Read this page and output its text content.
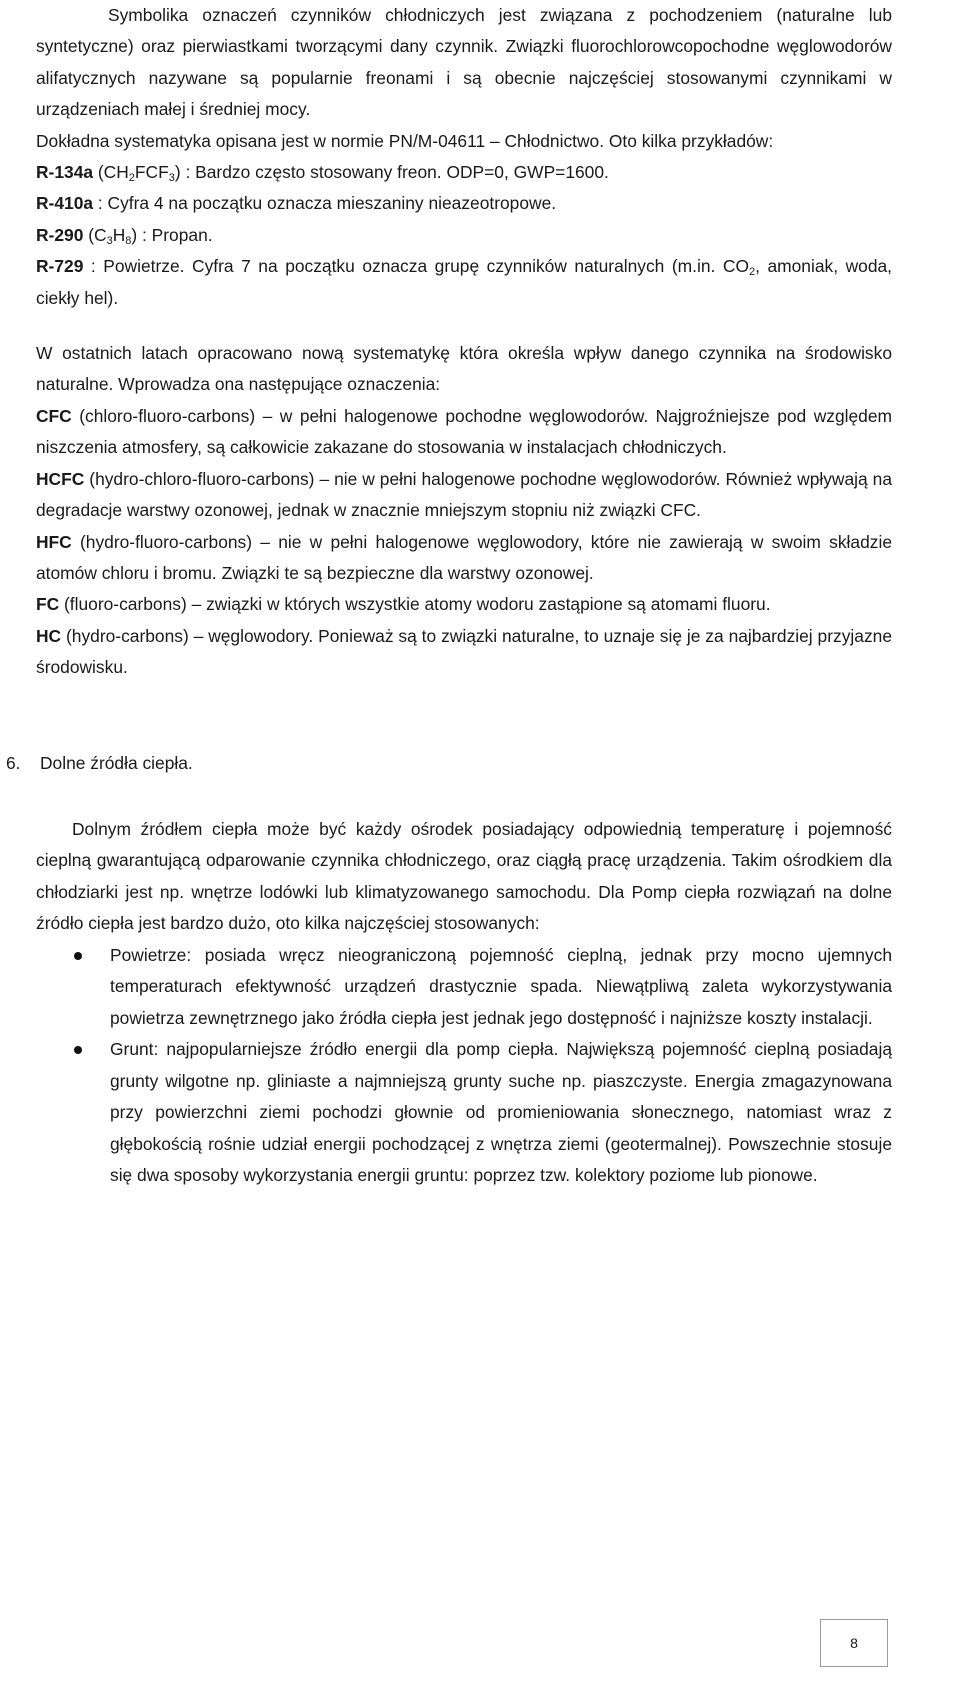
Symbolika oznaczeń czynników chłodniczych jest związana z pochodzeniem (naturalne lub syntetyczne) oraz pierwiastkami tworzącymi dany czynnik. Związki fluorochlorowcopochodne węglowodorów alifatycznych nazywane są popularnie freonami i są obecnie najczęściej stosowanymi czynnikami w urządzeniach małej i średniej mocy.

Dokładna systematyka opisana jest w normie PN/M-04611 – Chłodnictwo. Oto kilka przykładów:

R-134a $(CH_2FCF_3)$ : Bardzo często stosowany freon. ODP=0, GWP=1600.

R-410a : Cyfra 4 na początku oznacza mieszaniny nieazeotropowe.

R-290 $(C_3H_8)$ : Propan.

R-729 : Powietrze. Cyfra 7 na początku oznacza grupę czynników naturalnych (m.in. $CO_2$, amoniak, woda, ciekły hel).

W ostatnich latach opracowano nową systematykę która określa wpływ danego czynnika na środowisko naturalne. Wprowadza ona następujące oznaczenia:

CFC (chloro-fluoro-carbons) – w pełni halogenowe pochodne węglowodorów. Najgroźniejsze pod względem niszczenia atmosfery, są całkowicie zakazane do stosowania w instalacjach chłodniczych.

HCFC (hydro-chloro-fluoro-carbons) – nie w pełni halogenowe pochodne węglowodorów. Również wpływają na degradacje warstwy ozonowej, jednak w znacznie mniejszym stopniu niż związki CFC.

HFC (hydro-fluoro-carbons) – nie w pełni halogenowe węglowodory, które nie zawierają w swoim składzie atomów chloru i bromu. Związki te są bezpieczne dla warstwy ozonowej.

FC (fluoro-carbons) – związki w których wszystkie atomy wodoru zastąpione są atomami fluoru.

HC (hydro-carbons) – węglowodory. Ponieważ są to związki naturalne, to uznaje się je za najbardziej przyjazne środowisku.

6. Dolne źródła ciepła.

Dolnym źródłem ciepła może być każdy ośrodek posiadający odpowiednią temperaturę i pojemność cieplną gwarantującą odparowanie czynnika chłodniczego, oraz ciągłą pracę urządzenia. Takim ośrodkiem dla chłodziarki jest np. wnętrze lodówki lub klimatyzowanego samochodu. Dla Pomp ciepła rozwiązań na dolne źródło ciepła jest bardzo dużo, oto kilka najczęściej stosowanych:

Powietrze: posiada wręcz nieograniczoną pojemność cieplną, jednak przy mocno ujemnych temperaturach efektywność urządzeń drastycznie spada. Niewątpliwą zaleta wykorzystywania powietrza zewnętrznego jako źródła ciepła jest jednak jego dostępność i najniższe koszty instalacji.
Grunt: najpopularniejsze źródło energii dla pomp ciepła. Największą pojemność cieplną posiadają grunty wilgotne np. gliniaste a najmniejszą grunty suche np. piaszczyste. Energia zmagazynowana przy powierzchni ziemi pochodzi głownie od promieniowania słonecznego, natomiast wraz z głębokością rośnie udział energii pochodzącej z wnętrza ziemi (geotermalnej). Powszechnie stosuje się dwa sposoby wykorzystania energii gruntu: poprzez tzw. kolektory poziome lub pionowe.
8
